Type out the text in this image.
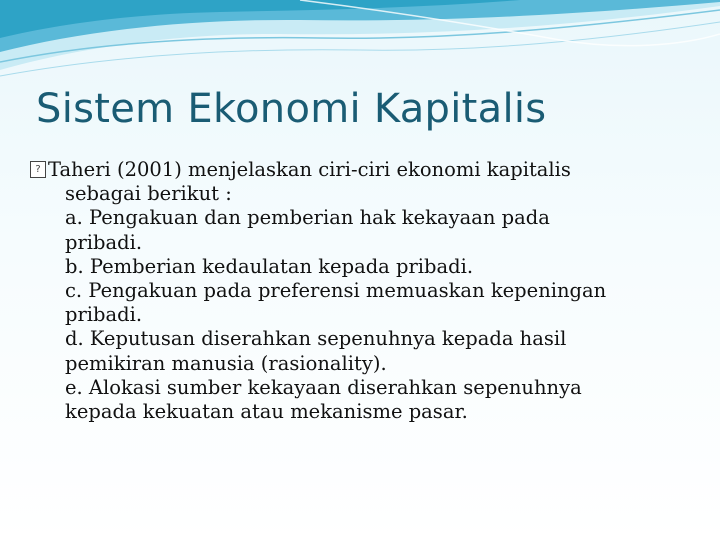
Sistem Ekonomi Kapitalis
? Taheri (2001) menjelaskan ciri-ciri ekonomi kapitalis
sebagai berikut :
a. Pengakuan dan pemberian hak kekayaan pada
pribadi.
b. Pemberian kedaulatan kepada pribadi.
c. Pengakuan pada preferensi memuaskan kepeningan
pribadi.
d. Keputusan diserahkan sepenuhnya kepada hasil
pemikiran manusia (rasionality).
e. Alokasi sumber kekayaan diserahkan sepenuhnya
kepada kekuatan atau mekanisme pasar.
